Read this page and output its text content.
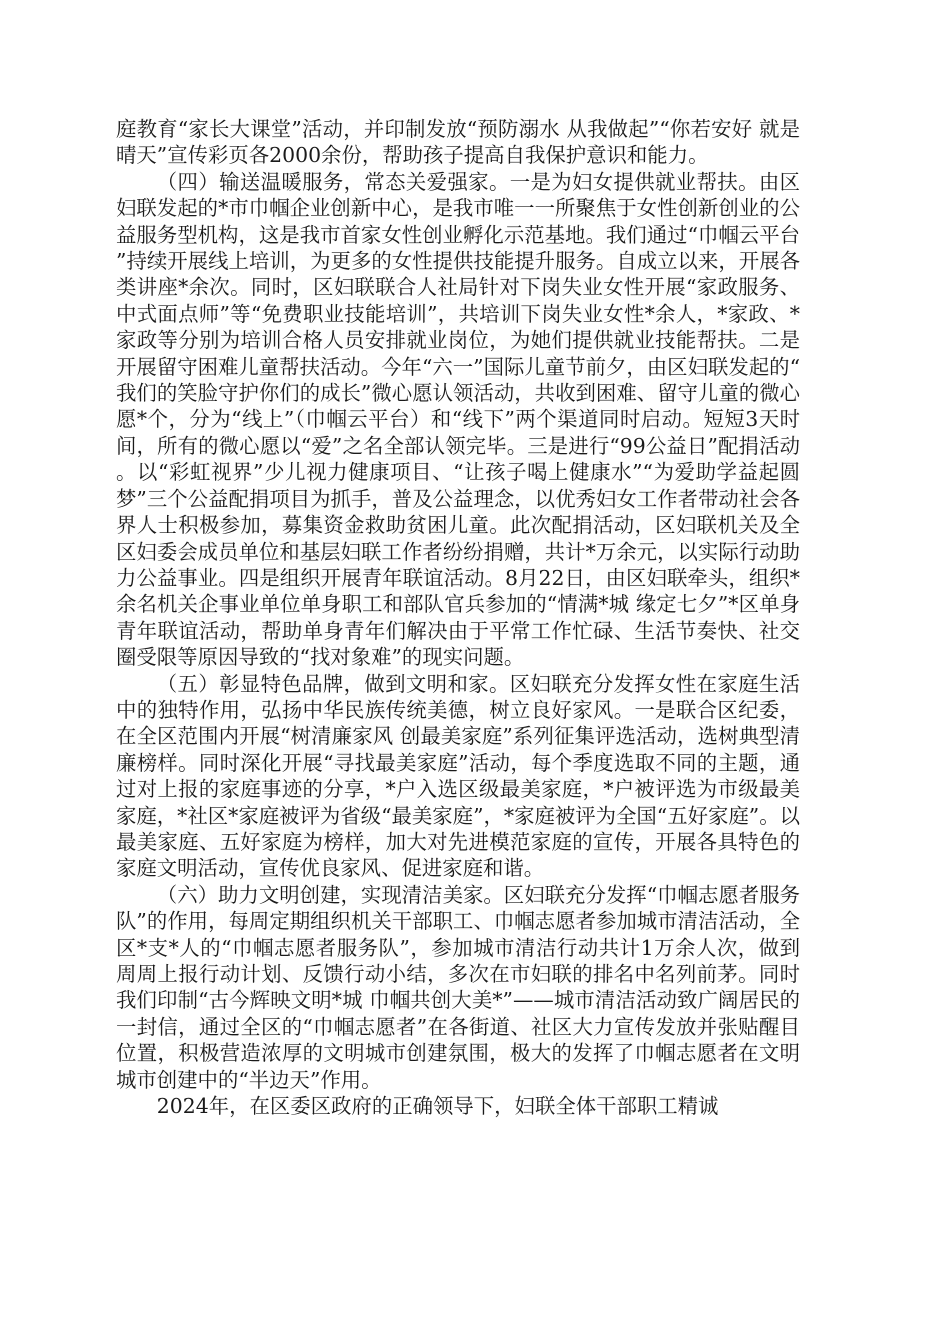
庭教育“家长大课堂”活动，并印制发放“预防溺水 从我做起”“你若安好 就是晴天”宣传彩页各2000余份，帮助孩子提高自我保护意识和能力。

（四）输送温暖服务，常态关爱强家。一是为妇女提供就业帮扶。由区妇联发起的*市巾帼企业创新中心，是我市唯一一所聚焦于女性创新创业的公益服务型机构，这是我市首家女性创业孵化示范基地。我们通过“巾帼云平台”持续开展线上培训，为更多的女性提供技能提升服务。自成立以来，开展各类讲座*余次。同时，区妇联联合人社局针对下岗失业女性开展“家政服务、中式面点师”等“免费职业技能培训”，共培训下岗失业女性*余人，*家政、*家政等分别为培训合格人员安排就业岗位，为她们提供就业技能帮扶。二是开展留守困难儿童帮扶活动。今年“六一”国际儿童节前夕，由区妇联发起的“我们的笑脸守护你们的成长”微心愿认领活动，共收到困难、留守儿童的微心愿*个，分为“线上”（巾帼云平台）和“线下”两个渠道同时启动。短短3天时间，所有的微心愿以“爱”之名全部认领完毕。三是进行“99公益日”配捐活动。以“彩虹视界”少儿视力健康项目、“让孩子喝上健康水”“为爱助学益起圆梦”三个公益配捐项目为抓手，普及公益理念，以优秀妇女工作者带动社会各界人士积极参加，募集资金救助贫困儿童。此次配捐活动，区妇联机关及全区妇委会成员单位和基层妇联工作者纷纷捐赠，共计*万余元，以实际行动助力公益事业。四是组织开展青年联谊活动。8月22日，由区妇联牵头，组织*余名机关企事业单位单身职工和部队官兵参加的“情满*城 缘定七夕”*区单身青年联谊活动，帮助单身青年们解决由于平常工作忙碌、生活节奏快、社交圈受限等原因导致的“找对象难”的现实问题。

（五）彰显特色品牌，做到文明和家。区妇联充分发挥女性在家庭生活中的独特作用，弘扬中华民族传统美德，树立良好家风。一是联合区纪委，在全区范围内开展“树清廉家风 创最美家庭”系列征集评选活动，选树典型清廉榜样。同时深化开展“寻找最美家庭”活动，每个季度选取不同的主题，通过对上报的家庭事迹的分享，*户入选区级最美家庭，*户被评选为市级最美家庭，*社区*家庭被评为省级“最美家庭”，*家庭被评为全国“五好家庭”。以最美家庭、五好家庭为榜样，加大对先进模范家庭的宣传，开展各具特色的家庭文明活动，宣传优良家风、促进家庭和谐。

（六）助力文明创建，实现清洁美家。区妇联充分发挥“巾帼志愿者服务队”的作用，每周定期组织机关干部职工、巾帼志愿者参加城市清洁活动，全区*支*人的“巾帼志愿者服务队”，参加城市清洁行动共计1万余人次，做到周周上报行动计划、反馈行动小结，多次在市妇联的排名中名列前茅。同时我们印制“古今辉映文明*城 巾帼共创大美*”——城市清洁活动致广阔居民的一封信，通过全区的“巾帼志愿者”在各街道、社区大力宣传发放并张贴醒目位置，积极营造浓厚的文明城市创建氛围，极大的发挥了巾帼志愿者在文明城市创建中的“半边天”作用。

2024年，在区委区政府的正确领导下，妇联全体干部职工精诚
